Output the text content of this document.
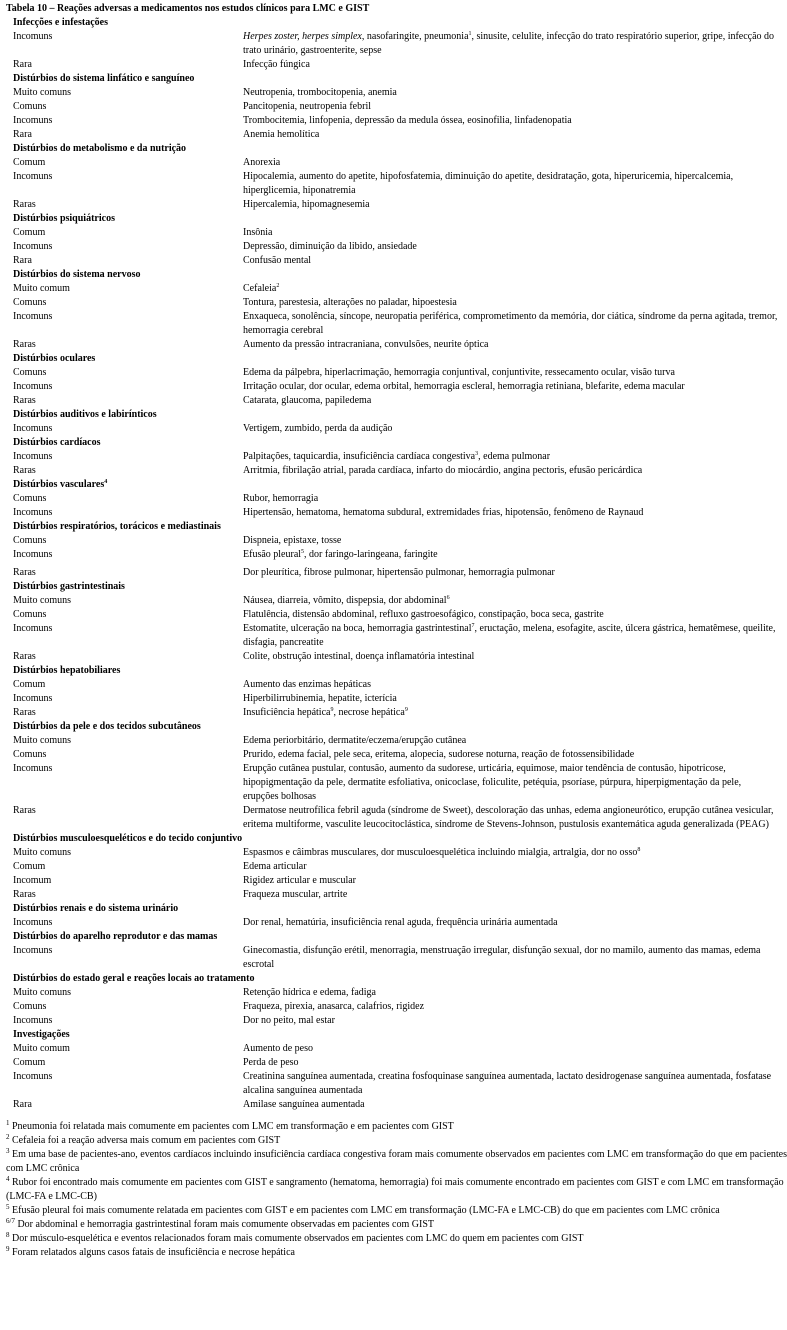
Tabela 10 – Reações adversas a medicamentos nos estudos clínicos para LMC e GIST
Infecções e infestações
Incomuns	Herpes zoster, herpes simplex, nasofaringite, pneumonia$^1$, sinusite, celulite, infecção do trato respiratório superior, gripe, infecção do trato urinário, gastroenterite, sepse
Rara	Infecção fúngica
Distúrbios do sistema linfático e sanguíneo
Muito comuns	Neutropenia, trombocitopenia, anemia
Comuns	Pancitopenia, neutropenia febril
Incomuns	Trombocitemia, linfopenia, depressão da medula óssea, eosinofilia, linfadenopatia
Rara	Anemia hemolítica
Distúrbios do metabolismo e da nutrição
Comum	Anorexia
Incomuns	Hipocalemia, aumento do apetite, hipofosfatemia, diminuição do apetite, desidratação, gota, hiperuricemia, hipercalcemia, hiperglicemia, hiponatremia
Raras	Hipercalemia, hipomagnesemia
Distúrbios psiquiátricos
Comum	Insônia
Incomuns	Depressão, diminuição da libido, ansiedade
Rara	Confusão mental
Distúrbios do sistema nervoso
Muito comum	Cefaleia$^2$
Comuns	Tontura, parestesia, alterações no paladar, hipoestesia
Incomuns	Enxaqueca, sonolência, síncope, neuropatia periférica, comprometimento da memória, dor ciática, síndrome da perna agitada, tremor, hemorragia cerebral
Raras	Aumento da pressão intracraniana, convulsões, neurite óptica
Distúrbios oculares
Comuns	Edema da pálpebra, hiperlacrimação, hemorragia conjuntival, conjuntivite, ressecamento ocular, visão turva
Incomuns	Irritação ocular, dor ocular, edema orbital, hemorragia escleral, hemorragia retiniana, blefarite, edema macular
Raras	Catarata, glaucoma, papiledema
Distúrbios auditivos e labirínticos
Incomuns	Vertigem, zumbido, perda da audição
Distúrbios cardíacos
Incomuns	Palpitações, taquicardia, insuficiência cardíaca congestiva$^3$, edema pulmonar
Raras	Arritmia, fibrilação atrial, parada cardíaca, infarto do miocárdio, angina pectoris, efusão pericárdica
Distúrbios vasculares$^4$
Comuns	Rubor, hemorragia
Incomuns	Hipertensão, hematoma, hematoma subdural, extremidades frias, hipotensão, fenômeno de Raynaud
Distúrbios respiratórios, torácicos e mediastinais
Comuns	Dispneia, epistaxe, tosse
Incomuns	Efusão pleural$^5$, dor faringo-laringeana, faringite
Raras	Dor pleurítica, fibrose pulmonar, hipertensão pulmonar, hemorragia pulmonar
Distúrbios gastrintestinais
Muito comuns	Náusea, diarreia, vômito, dispepsia, dor abdominal$^6$
Comuns	Flatulência, distensão abdominal, refluxo gastroesofágico, constipação, boca seca, gastrite
Incomuns	Estomatite, ulceração na boca, hemorragia gastrintestinal$^7$, eructação, melena, esofagite, ascite, úlcera gástrica, hematêmese, queilite, disfagia, pancreatite
Raras	Colite, obstrução intestinal, doença inflamatória intestinal
Distúrbios hepatobiliares
Comum	Aumento das enzimas hepáticas
Incomuns	Hiperbilirrubinemia, hepatite, icterícia
Raras	Insuficiência hepática$^9$, necrose hepática$^9$
Distúrbios da pele e dos tecidos subcutâneos
Muito comuns	Edema periorbitário, dermatite/eczema/erupção cutânea
Comuns	Prurido, edema facial, pele seca, eritema, alopecia, sudorese noturna, reação de fotossensibilidade
Incomuns	Erupção cutânea pustular, contusão, aumento da sudorese, urticária, equimose, maior tendência de contusão, hipotricose, hipopigmentação da pele, dermatite esfoliativa, onicoclase, foliculite, petéquia, psoríase, púrpura, hiperpigmentação da pele, erupções bolhosas
Raras	Dermatose neutrofílica febril aguda (síndrome de Sweet), descoloração das unhas, edema angioneurótico, erupção cutânea vesicular, eritema multiforme, vasculite leucocitoclástica, síndrome de Stevens-Johnson, pustulosis exantemática aguda generalizada (PEAG)
Distúrbios musculoesqueléticos e do tecido conjuntivo
Muito comuns	Espasmos e câimbras musculares, dor musculoesquelética incluindo mialgia, artralgia, dor no osso$^8$
Comum	Edema articular
Incomum	Rigidez articular e muscular
Raras	Fraqueza muscular, artrite
Distúrbios renais e do sistema urinário
Incomuns	Dor renal, hematúria, insuficiência renal aguda, frequência urinária aumentada
Distúrbios do aparelho reprodutor e das mamas
Incomuns	Ginecomastia, disfunção erétil, menorragia, menstruação irregular, disfunção sexual, dor no mamilo, aumento das mamas, edema escrotal
Distúrbios do estado geral e reações locais ao tratamento
Muito comuns	Retenção hídrica e edema, fadiga
Comuns	Fraqueza, pirexia, anasarca, calafrios, rigidez
Incomuns	Dor no peito, mal estar
Investigações
Muito comum	Aumento de peso
Comum	Perda de peso
Incomuns	Creatinina sanguínea aumentada, creatina fosfoquinase sanguínea aumentada, lactato desidrogenase sanguínea aumentada, fosfatase alcalina sanguínea aumentada
Rara	Amilase sanguínea aumentada
$^1$ Pneumonia foi relatada mais comumente em pacientes com LMC em transformação e em pacientes com GIST
$^2$ Cefaleia foi a reação adversa mais comum em pacientes com GIST
$^3$ Em uma base de pacientes-ano, eventos cardíacos incluindo insuficiência cardíaca congestiva foram mais comumente observados em pacientes com LMC em transformação do que em pacientes com LMC crônica
$^4$ Rubor foi encontrado mais comumente em pacientes com GIST e sangramento (hematoma, hemorragia) foi mais comumente encontrado em pacientes com GIST e com LMC em transformação (LMC-FA e LMC-CB)
$^5$ Efusão pleural foi mais comumente relatada em pacientes com GIST e em pacientes com LMC em transformação (LMC-FA e LMC-CB) do que em pacientes com LMC crônica
$^{6/7}$ Dor abdominal e hemorragia gastrintestinal foram mais comumente observadas em pacientes com GIST
$^8$ Dor músculo-esquelética e eventos relacionados foram mais comumente observados em pacientes com LMC do quem em pacientes com GIST
$^9$ Foram relatados alguns casos fatais de insuficiência e necrose hepática
